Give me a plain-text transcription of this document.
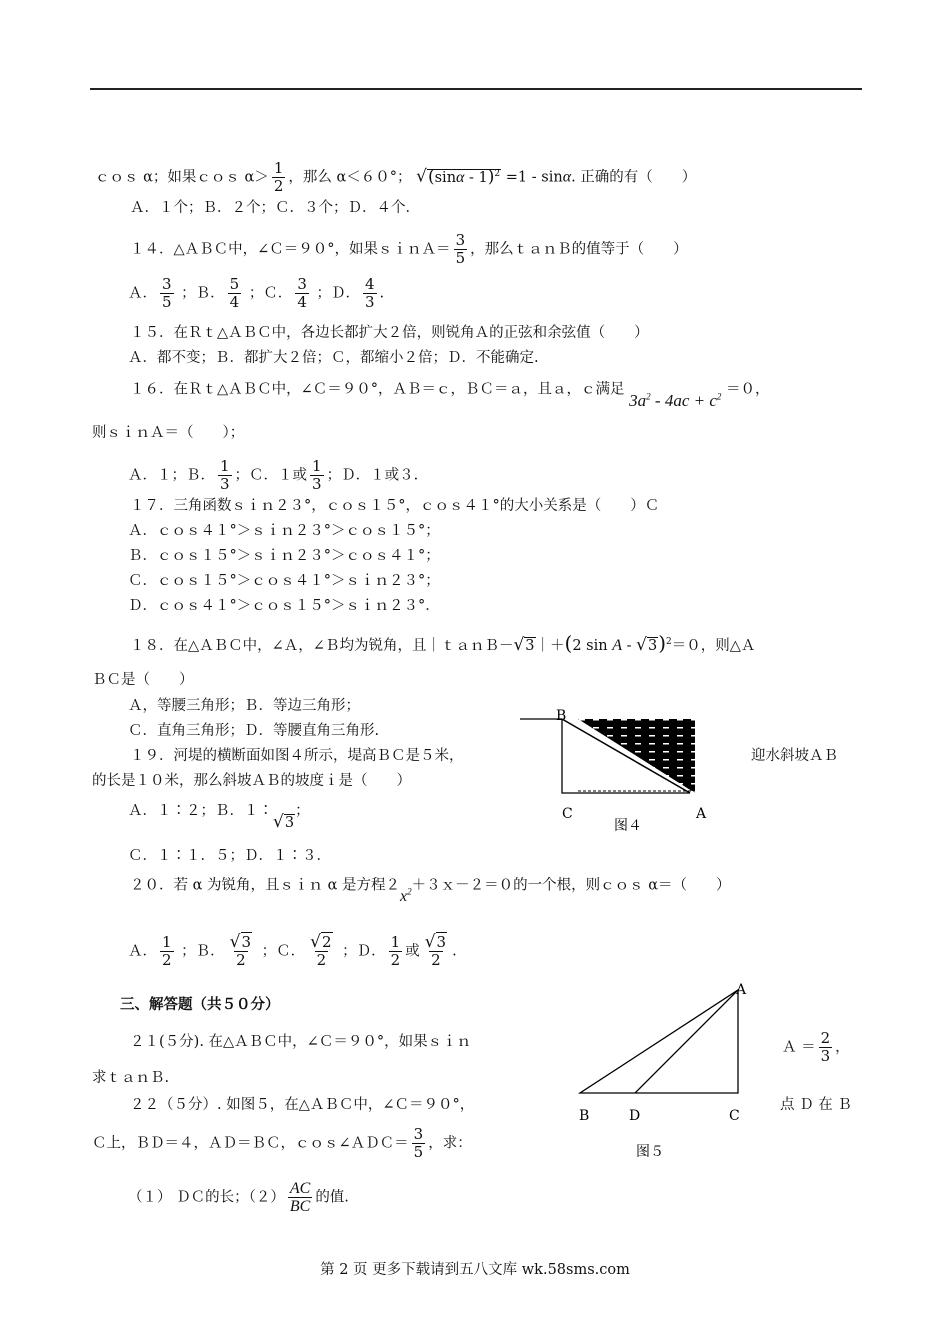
ｃｏｓ α；如果ｃｏｓ $\alpha> \frac{1}{2}$ ，那么 α＜６０°； √(sinα - 1)$^2$ =1 - sinα. 正确的有（　　）
Ａ．１个；Ｂ．２个；Ｃ．３个；Ｄ．４个．
１４．△ＡＢＣ中，∠Ｃ＝９０°，如果ｓｉｎＡ＝ $\frac{3}{5}$ ，那么ｔａｎＢ的值等于（　　）
Ａ． $\frac{3}{5}$ ；Ｂ． $\frac{5}{4}$ ；Ｃ． $\frac{3}{4}$ ；Ｄ． $\frac{4}{3}$ .
１５．在Ｒｔ△ＡＢＣ中，各边长都扩大２倍，则锐角Ａ的正弦和余弦值（　　）
Ａ．都不变；Ｂ．都扩大２倍；Ｃ，都缩小２倍；Ｄ．不能确定.
１６．在Ｒｔ△ＡＢＣ中，∠Ｃ＝９０°，ＡＢ＝ｃ，ＢＣ＝ａ，且ａ，ｃ满足 $3a^2 - 4ac + c^2 =0$，
则ｓｉｎＡ＝（　　）；
Ａ．１；Ｂ． $\frac{1}{3}$ ；Ｃ．１或 $\frac{1}{3}$ ；Ｄ．１或３.
１７．三角函数ｓｉｎ２３°，ｃｏｓ１５°，ｃｏｓ４１°的大小关系是（　　）Ｃ
Ａ．ｃｏｓ４１°＞ｓｉｎ２３°＞ｃｏｓ１５°；
Ｂ．ｃｏｓ１５°＞ｓｉｎ２３°＞ｃｏｓ４１°；
Ｃ．ｃｏｓ１５°＞ｃｏｓ４１°＞ｓｉｎ２３°；
Ｄ．ｃｏｓ４１°＞ｃｏｓ１５°＞ｓｉｎ２３°．
１８．在△ＡＢＣ中，∠Ａ，∠Ｂ均为锐角，且｜ｔａｎＢ－√3｜＋(2 sin A - √3)$^2$＝０，则△Ａ
ＢＣ是（　　）
Ａ，等腰三角形；Ｂ．等边三角形；
Ｃ．直角三角形；Ｄ．等腰直角三角形.
１９．河堤的横断面如图４所示，堤高ＢＣ是５米，	迎水斜坡ＡＢ
的长是１０米，那么斜坡ＡＢ的坡度ｉ是（　　）
Ａ．１∶２；Ｂ．１∶√3；
Ｃ．１∶１．５；Ｄ．１∶３．
B
C	A
图４
２０．若 α 为锐角，且ｓｉｎ α 是方程$2x^2+3x-2=0$的一个根，则ｃｏｓ α＝（　　）
Ａ． $\frac{1}{2}$ ；Ｂ． $\frac{√3}{2}$ ；Ｃ． $\frac{√2}{2}$ ；Ｄ． $\frac{1}{2}$ 或 $\frac{√3}{2}$ .
三、解答题（共５０分）
２１(５分). 在△ＡＢＣ中，∠Ｃ＝９０°，如果ｓｉｎ	Ａ ＝ $\frac{2}{3}$ ，
求ｔａｎＢ.
２２（５分）. 如图５，在△ＡＢＣ中，∠Ｃ＝９０°，	点 Ｄ 在 Ｂ
Ｃ上，ＢＤ＝４，ＡＤ＝ＢＣ，ｃｏｓ∠ＡＤＣ＝ $\frac{3}{5}$ ，求：
（１） ＤＣ的长；$(2) \frac{AC}{BC}$ 的值.
A
B	D	C
图５
第 2 页 更多下载请到五八文库 wk.58sms.com
